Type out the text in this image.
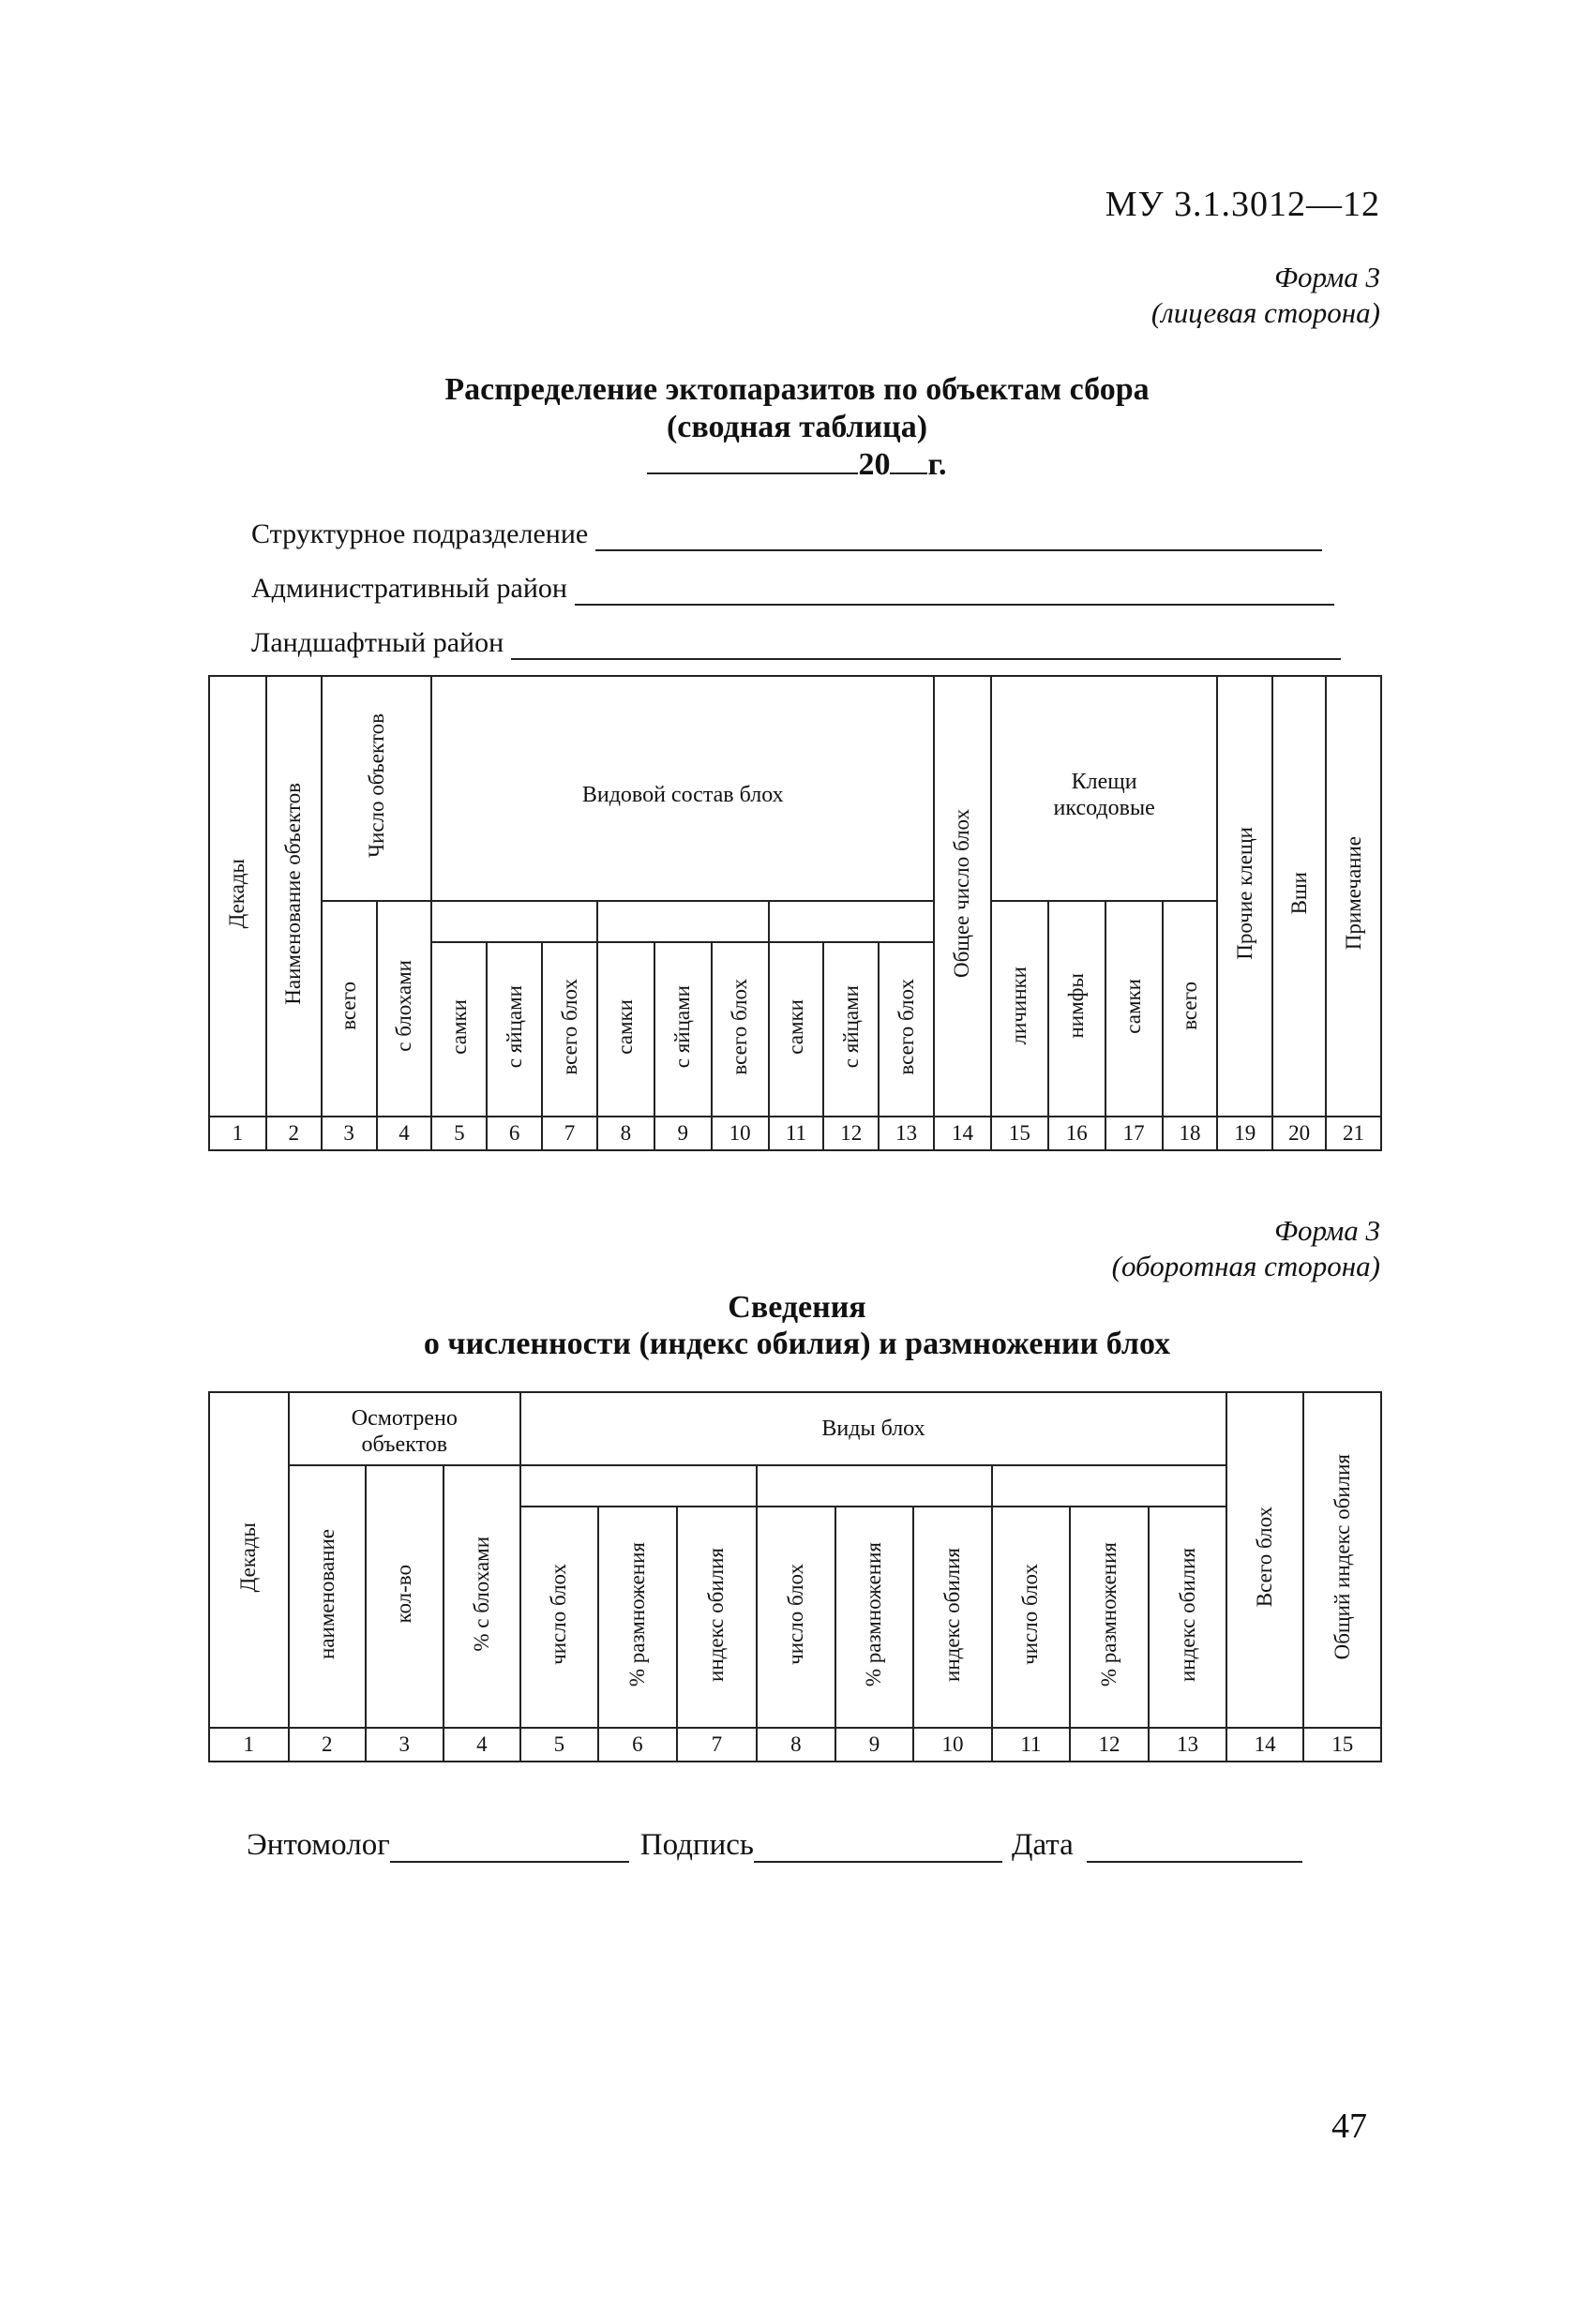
МУ 3.1.3012—12
Форма 3
(лицевая сторона)
Распределение эктопаразитов по объектам сбора
(сводная таблица)
20 г.
Структурное подразделение
Административный район
Ландшафтный район
Декады	Наименование объектов	Число объектов		Видовой состав блох									Общее число блох	Клещи иксодовые				Прочие клещи	Вши	Примечание
		всего	с блохами											личинки	нимфы	самки	всего			
				самки	с яйцами	всего блох	самки	с яйцами	всего блох	самки	с яйцами	всего блох								
1	2	3	4	5	6	7	8	9	10	11	12	13	14	15	16	17	18	19	20	21
Форма 3
(оборотная сторона)
Сведения
о численности (индекс обилия) и размножении блох
Декады	Осмотрено объектов			Виды блох									Всего блох	Общий индекс обилия
	наименование	кол-во	% с блохами											
				число блох	% размножения	индекс обилия	число блох	% размножения	индекс обилия	число блох	% размножения	индекс обилия		
1	2	3	4	5	6	7	8	9	10	11	12	13	14	15
Энтомолог	Подпись	Дата
47
